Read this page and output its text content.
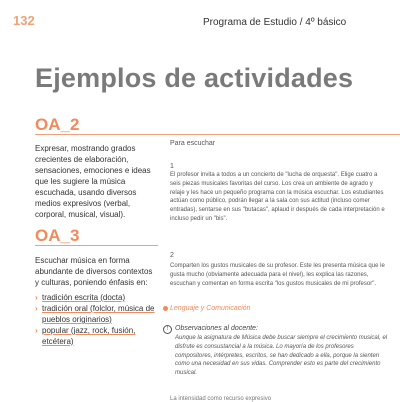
132	Programa de Estudio / 4º básico
Ejemplos de actividades
OA_2
Expresar, mostrando grados crecientes de elaboración, sensaciones, emociones e ideas que les sugiere la música escuchada, usando diversos medios expresivos (verbal, corporal, musical, visual).
OA_3
Escuchar música en forma abundante de diversos contextos y culturas, poniendo énfasis en:
› tradición escrita (docta)
› tradición oral (folclor, música de pueblos originarios)
› popular (jazz, rock, fusión, etcétera)
Para escuchar
1
El profesor invita a todos a un concierto de "lucha de orquesta". Elige cuatro a seis piezas musicales favoritas del curso. Los crea un ambiente de agrado y relaje y les hace un pequeño programa con la música escuchar. Los estudiantes actúan como público, podrán llegar a la sala con sus actitud (incluso comer entradas), sentarse en sus "butacas", aplaud ir después de cada interpretación e incluso pedir un "bis".
2
Comparten los gustos musicales de su profesor. Este les presenta música que le gusta mucho (obviamente adecuada para el nivel), les explica las razones, escuchan y comentan en forma escrita "los gustos musicales de mi profesor".
Lenguaje y Comunicación
! Observaciones al docente:
Aunque la asignatura de Música debe buscar siempre el crecimiento musical, el disfrute es consustancial a la música. Lo mayoría de los profesores compositores, intérpretes, escritos, se han dedicado a ella, porque la sienten como una necesidad en sus vidas. Comprender esto es parte del crecimiento musical.
La intensidad como recurso expresivo
